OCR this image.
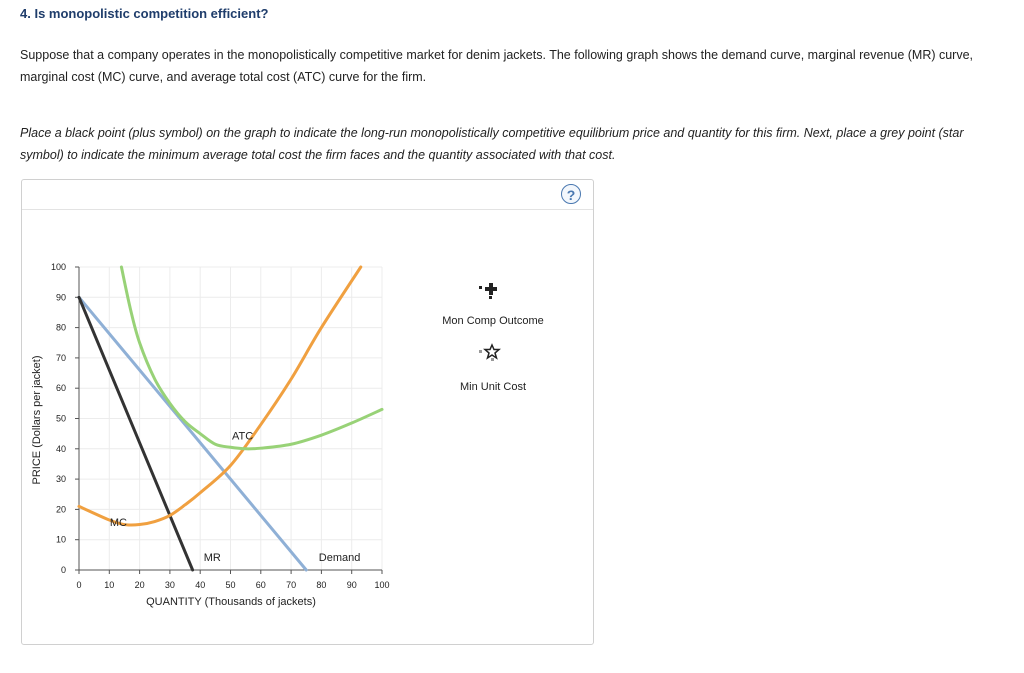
4. Is monopolistic competition efficient?
Suppose that a company operates in the monopolistically competitive market for denim jackets. The following graph shows the demand curve, marginal revenue (MR) curve, marginal cost (MC) curve, and average total cost (ATC) curve for the firm.
Place a black point (plus symbol) on the graph to indicate the long-run monopolistically competitive equilibrium price and quantity for this firm. Next, place a grey point (star symbol) to indicate the minimum average total cost the firm faces and the quantity associated with that cost.
?
0
10
20
30
40
50
60
70
80
90
100
0	10 20 30 40 50 60 70 80 90 100
Demand
MR
MC
ATC
QUANTITY (Thousands of jackets)
PRICE (Dollars per jacket)
Mon Comp Outcome
Min Unit Cost
